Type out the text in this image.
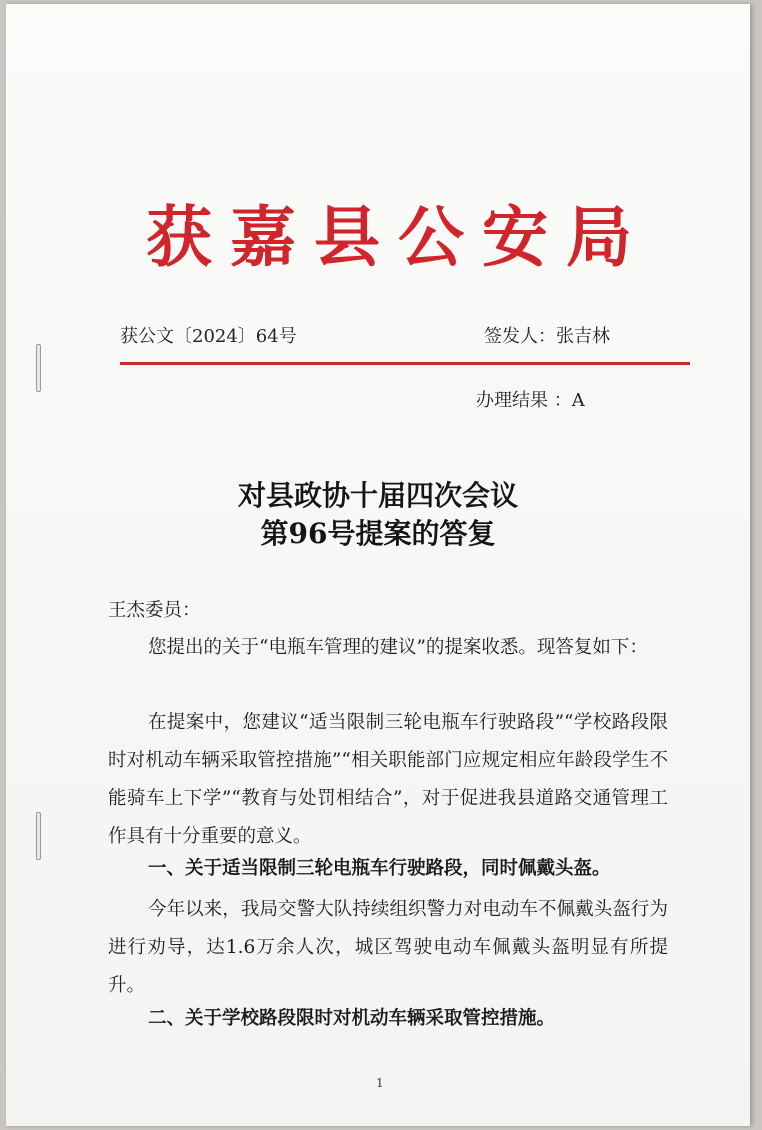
获嘉县公安局
获公文〔2024〕64号	签发人：张吉林
办理结果 ：A
对县政协十届四次会议
第96号提案的答复
王杰委员：
您提出的关于“电瓶车管理的建议”的提案收悉。现答复如下：
在提案中，您建议“适当限制三轮电瓶车行驶路段”“学校路段限时对机动车辆采取管控措施”“相关职能部门应规定相应年龄段学生不能骑车上下学”“教育与处罚相结合”，对于促进我县道路交通管理工作具有十分重要的意义。
一、关于适当限制三轮电瓶车行驶路段，同时佩戴头盔。
今年以来，我局交警大队持续组织警力对电动车不佩戴头盔行为进行劝导，达1.6万余人次，城区驾驶电动车佩戴头盔明显有所提升。
二、关于学校路段限时对机动车辆采取管控措施。
1
